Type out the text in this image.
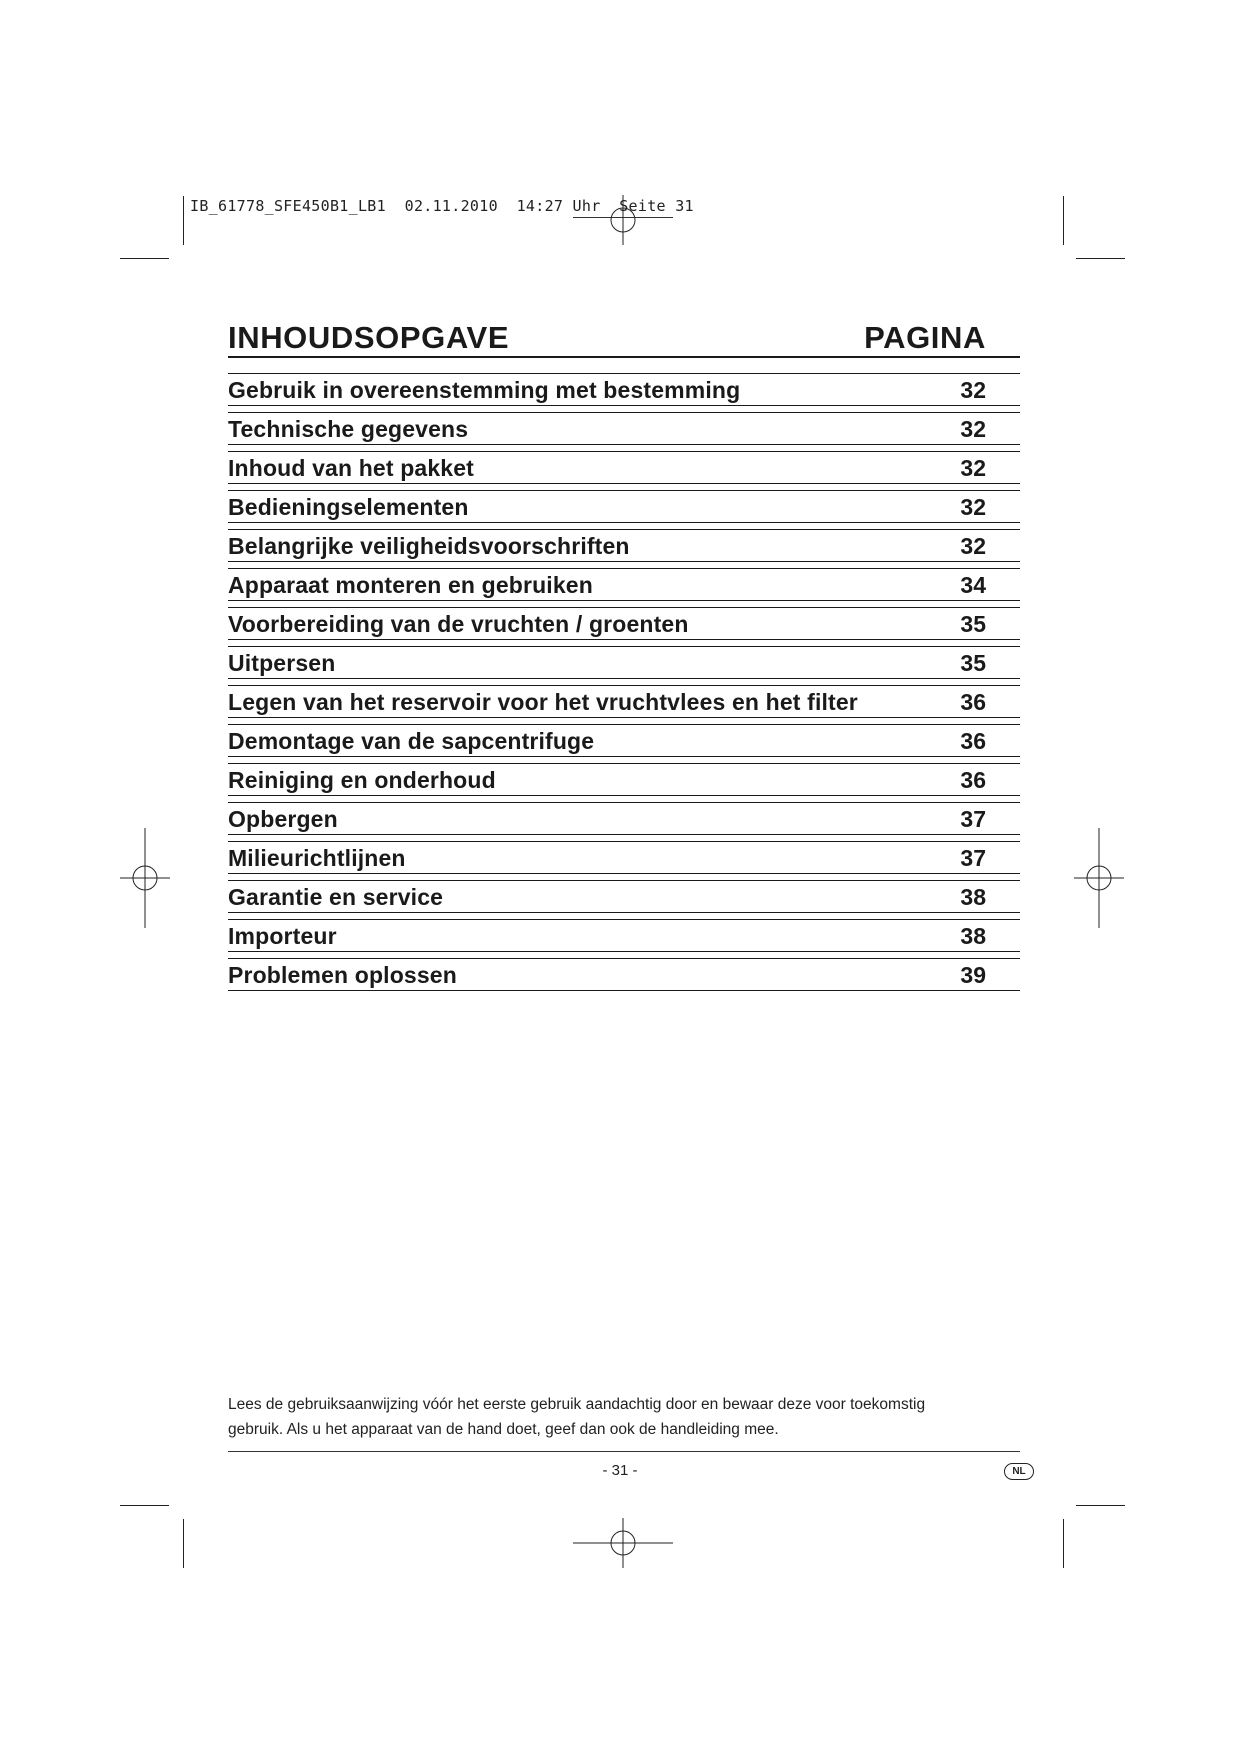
IB_61778_SFE450B1_LB1  02.11.2010  14:27 Uhr  Seite 31
INHOUDSOPGAVE	PAGINA
Gebruik in overeenstemming met bestemming	32
Technische gegevens	32
Inhoud van het pakket	32
Bedieningselementen	32
Belangrijke veiligheidsvoorschriften	32
Apparaat monteren en gebruiken	34
Voorbereiding van de vruchten / groenten	35
Uitpersen	35
Legen van het reservoir voor het vruchtvlees en het filter	36
Demontage van de sapcentrifuge	36
Reiniging en onderhoud	36
Opbergen	37
Milieurichtlijnen	37
Garantie en service	38
Importeur	38
Problemen oplossen	39
Lees de gebruiksaanwijzing vóór het eerste gebruik aandachtig door en bewaar deze voor toekomstig
gebruik. Als u het apparaat van de hand doet, geef dan ook de handleiding mee.
- 31 -	NL
